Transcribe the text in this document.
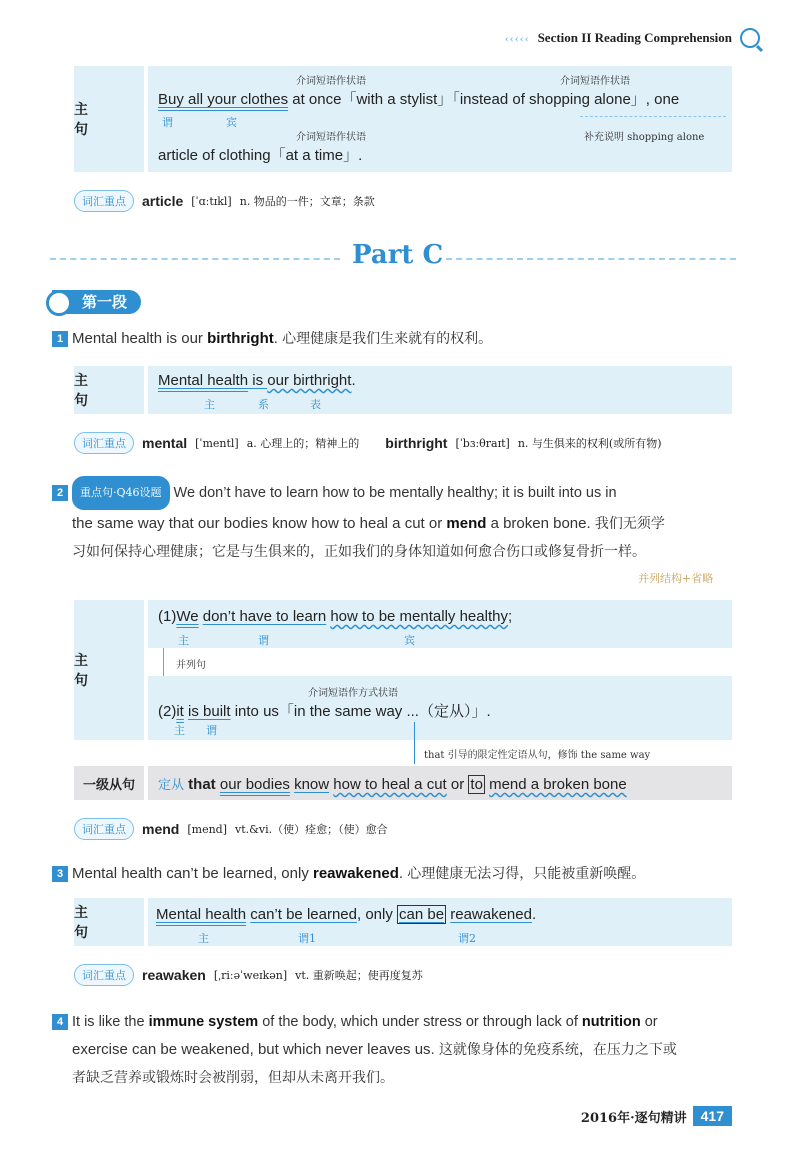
‹‹‹‹‹ Section II Reading Comprehension
主 句
介词短语作状语	介词短语作状语
Buy all your clothes at once「with a stylist」「instead of shopping alone」, one
谓	宾
补充说明 shopping alone
介词短语作状语
article of clothing「at a time」.
词汇重点	article [ˈɑːtɪkl] n. 物品的一件；文章；条款
Part C
第一段
1 Mental health is our birthright. 心理健康是我们生来就有的权利。
主 句
Mental health is our birthright.
主	系	表
词汇重点	mental [ˈmentl] a. 心理上的；精神上的 birthright [ˈbɜːθraɪt] n. 与生俱来的权利(或所有物)
2	重点句·Q46设题 We don’t have to learn how to be mentally healthy; it is built into us in
the same way that our bodies know how to heal a cut or mend a broken bone. 我们无须学
习如何保持心理健康；它是与生俱来的，正如我们的身体知道如何愈合伤口或修复骨折一样。
并列结构+省略
主 句
(1)We don’t have to learn how to be mentally healthy;
主	谓	宾
并列句
介词短语作方式状语
(2)it is built into us「in the same way ...（定从）」.
主 谓
that 引导的限定性定语从句，修饰 the same way
一级从句	定从 that our bodies know how to heal a cut or to mend a broken bone
词汇重点	mend [mend] vt.&vi.（使）痊愈；（使）愈合
3 Mental health can’t be learned, only reawakened. 心理健康无法习得，只能被重新唤醒。
主 句
Mental health can’t be learned, only can be reawakened.
主	谓1	谓2
词汇重点	reawaken [ˌriːəˈweɪkən] vt. 重新唤起；使再度复苏
4 It is like the immune system of the body, which under stress or through lack of nutrition or
exercise can be weakened, but which never leaves us. 这就像身体的免疫系统，在压力之下或
者缺乏营养或锻炼时会被削弱，但却从未离开我们。
2016年·逐句精讲	417
